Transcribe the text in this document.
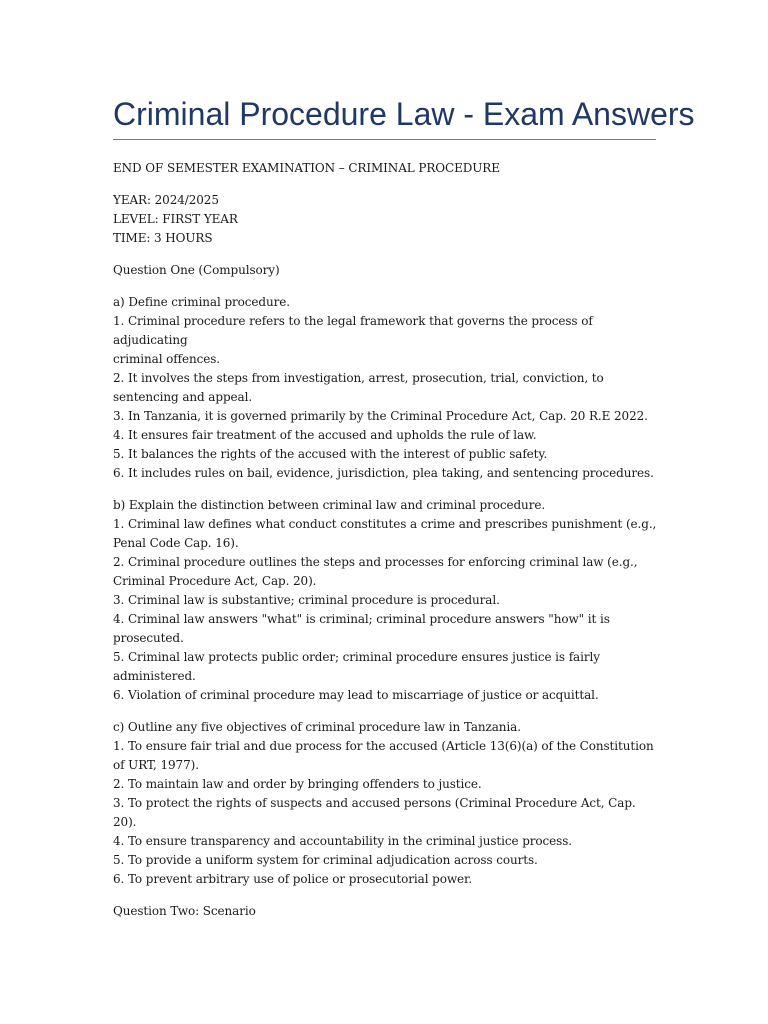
Criminal Procedure Law - Exam Answers

END OF SEMESTER EXAMINATION – CRIMINAL PROCEDURE

YEAR: 2024/2025
LEVEL: FIRST YEAR
TIME: 3 HOURS

Question One (Compulsory)

a) Define criminal procedure.
1. Criminal procedure refers to the legal framework that governs the process of adjudicating
criminal offences.
2. It involves the steps from investigation, arrest, prosecution, trial, conviction, to
sentencing and appeal.
3. In Tanzania, it is governed primarily by the Criminal Procedure Act, Cap. 20 R.E 2022.
4. It ensures fair treatment of the accused and upholds the rule of law.
5. It balances the rights of the accused with the interest of public safety.
6. It includes rules on bail, evidence, jurisdiction, plea taking, and sentencing procedures.
b) Explain the distinction between criminal law and criminal procedure.
1. Criminal law defines what conduct constitutes a crime and prescribes punishment (e.g.,
Penal Code Cap. 16).
2. Criminal procedure outlines the steps and processes for enforcing criminal law (e.g.,
Criminal Procedure Act, Cap. 20).
3. Criminal law is substantive; criminal procedure is procedural.
4. Criminal law answers "what" is criminal; criminal procedure answers "how" it is
prosecuted.
5. Criminal law protects public order; criminal procedure ensures justice is fairly
administered.
6. Violation of criminal procedure may lead to miscarriage of justice or acquittal.
c) Outline any five objectives of criminal procedure law in Tanzania.
1. To ensure fair trial and due process for the accused (Article 13(6)(a) of the Constitution
of URT, 1977).
2. To maintain law and order by bringing offenders to justice.
3. To protect the rights of suspects and accused persons (Criminal Procedure Act, Cap. 20).
4. To ensure transparency and accountability in the criminal justice process.
5. To provide a uniform system for criminal adjudication across courts.
6. To prevent arbitrary use of police or prosecutorial power.

Question Two: Scenario
